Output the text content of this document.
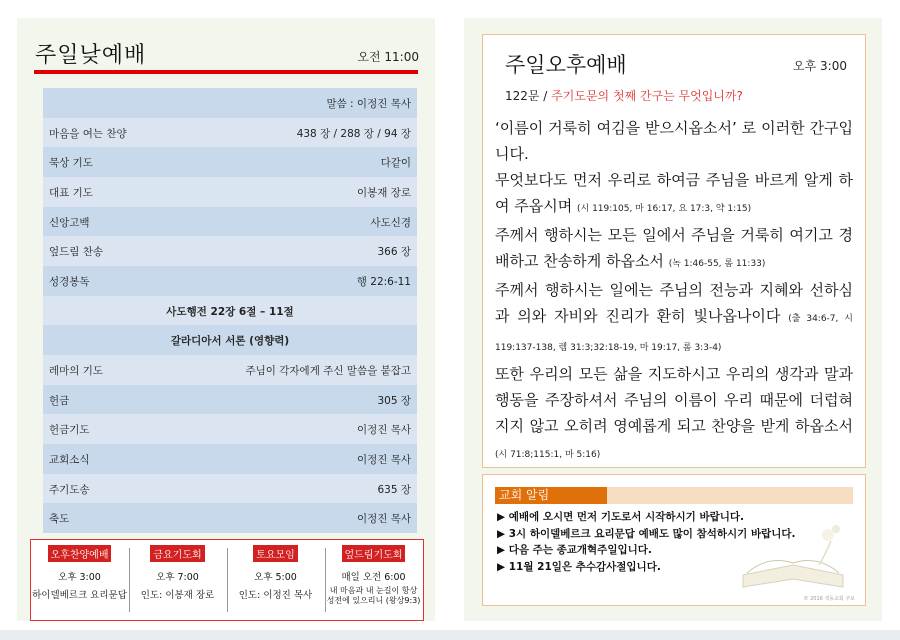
주일낮예배	오전 11:00
말씀 : 이정진 목사
마음을 여는 찬양	438 장 / 288 장 / 94 장
묵상 기도	다같이
대표 기도	이봉재 장로
신앙고백	사도신경
엎드림 찬송	366 장
성경봉독	행 22:6-11
사도행전 22장 6절 – 11절
갈라디아서 서론 (영향력)
레마의 기도	주님이 각자에게 주신 말씀을 붙잡고
헌금	305 장
헌금기도	이정진 목사
교회소식	이정진 목사
주기도송	635 장
축도	이정진 목사
오후찬양예배
오후 3:00
하이델베르크 요리문답
금요기도회
오후 7:00
인도: 이봉재 장로
토요모임
오후 5:00
인도: 이정진 목사
엎드림기도회
매일 오전 6:00
내 마음과 내 눈길이 항상
성전에 있으리니 (왕상9:3)
주일오후예배	오후 3:00
122문 / 주기도문의 첫째 간구는 무엇입니까?
‘이름이 거룩히 여김을 받으시옵소서’ 로 이러한 간구입니다.
무엇보다도 먼저 우리로 하여금 주님을 바르게 알게 하여 주옵시며 (시 119:105, 마 16:17, 요 17:3, 약 1:15)
주께서 행하시는 모든 일에서 주님을 거룩히 여기고 경배하고 찬송하게 하옵소서 (녹 1:46-55, 롬 11:33)
주께서 행하시는 일에는 주님의 전능과 지혜와 선하심과 의와 자비와 진리가 환히 빛나옵나이다 (출 34:6-7, 시 119:137-138, 렘 31:3;32:18-19, 마 19:17, 롬 3:3-4)
또한 우리의 모든 삶을 지도하시고 우리의 생각과 말과 행동을 주장하셔서 주님의 이름이 우리 때문에 더럽혀지지 않고 오히려 영예롭게 되고 찬양을 받게 하옵소서 (시 71:8;115:1, 마 5:16)
교회 알림
▶ 예배에 오시면 먼저 기도로서 시작하시기 바랍니다.
▶ 3시 하이델베르크 요리문답 예배도 많이 참석하시기 바랍니다.
▶ 다음 주는 종교개혁주일입니다.
▶ 11월 21일은 추수감사절입니다.
© 2016 색동교회 주보
